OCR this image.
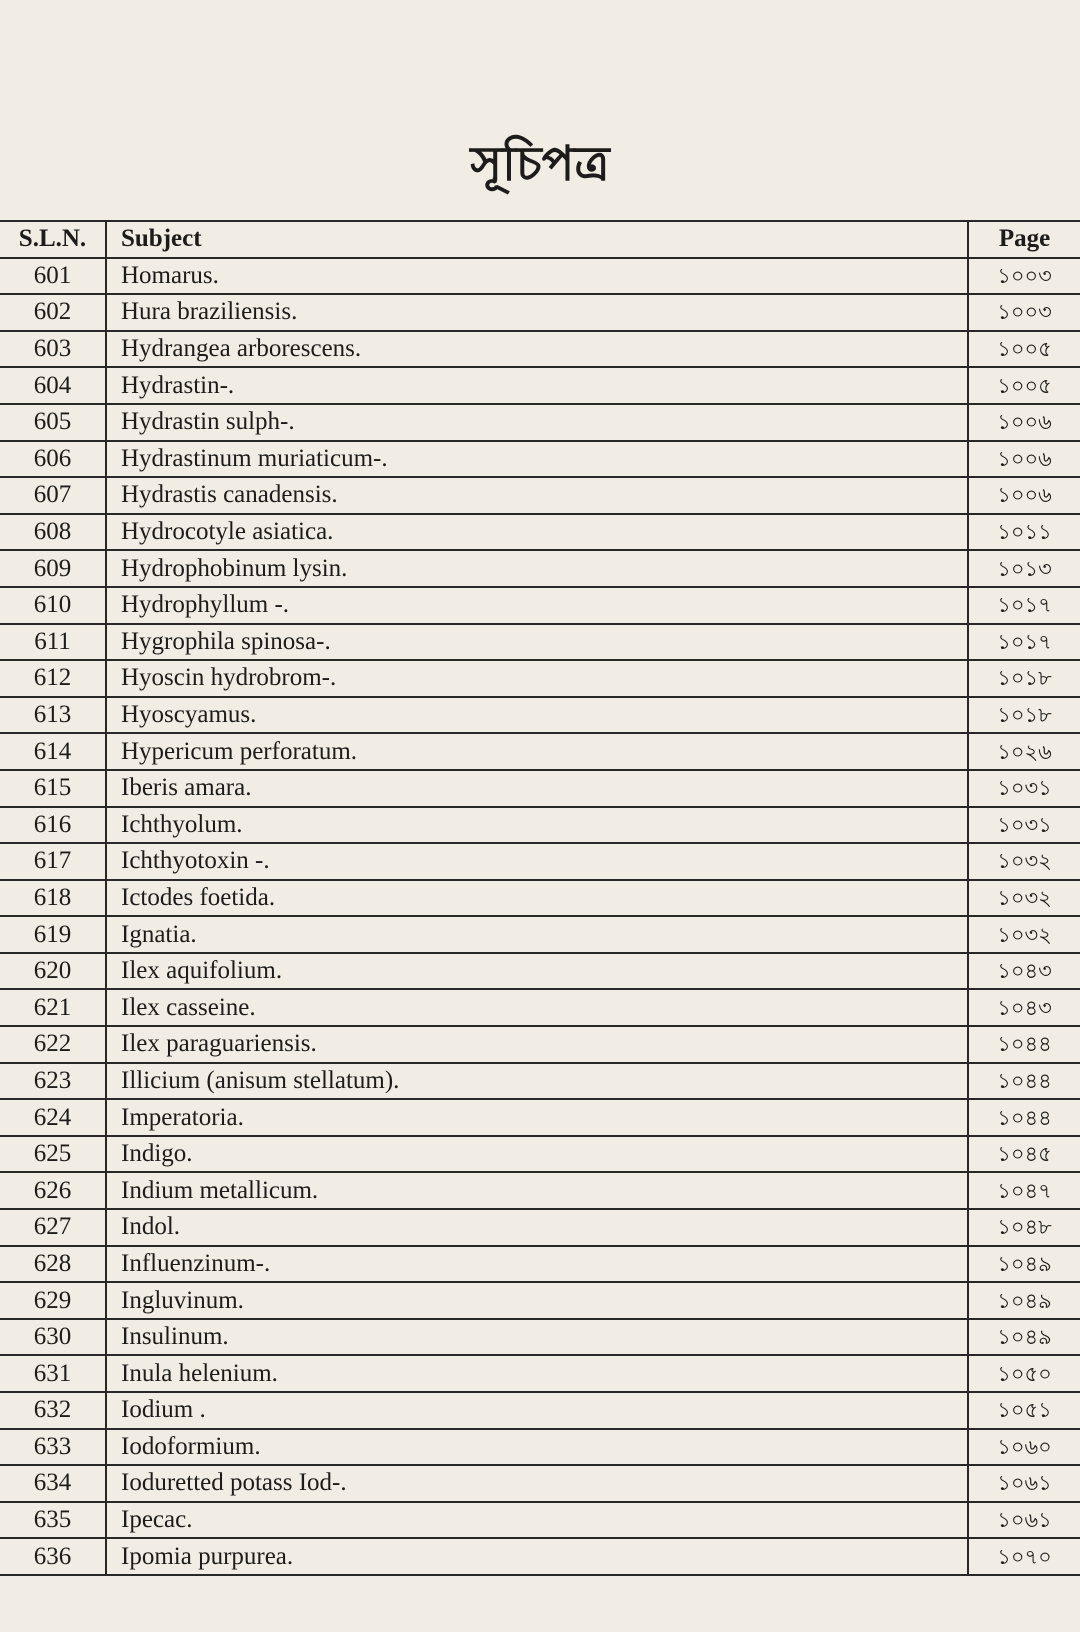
সূচিপত্র
S.L.N.	Subject	Page
601	Homarus.	১০০৩
602	Hura braziliensis.	১০০৩
603	Hydrangea arborescens.	১০০৫
604	Hydrastin-.	১০০৫
605	Hydrastin sulph-.	১০০৬
606	Hydrastinum muriaticum-.	১০০৬
607	Hydrastis canadensis.	১০০৬
608	Hydrocotyle asiatica.	১০১১
609	Hydrophobinum lysin.	১০১৩
610	Hydrophyllum -.	১০১৭
611	Hygrophila spinosa-.	১০১৭
612	Hyoscin hydrobrom-.	১০১৮
613	Hyoscyamus.	১০১৮
614	Hypericum perforatum.	১০২৬
615	Iberis amara.	১০৩১
616	Ichthyolum.	১০৩১
617	Ichthyotoxin -.	১০৩২
618	Ictodes foetida.	১০৩২
619	Ignatia.	১০৩২
620	Ilex aquifolium.	১০৪৩
621	Ilex casseine.	১০৪৩
622	Ilex paraguariensis.	১০৪৪
623	Illicium (anisum stellatum).	১০৪৪
624	Imperatoria.	১০৪৪
625	Indigo.	১০৪৫
626	Indium metallicum.	১০৪৭
627	Indol.	১০৪৮
628	Influenzinum-.	১০৪৯
629	Ingluvinum.	১০৪৯
630	Insulinum.	১০৪৯
631	Inula helenium.	১০৫০
632	Iodium .	১০৫১
633	Iodoformium.	১০৬০
634	Ioduretted potass Iod-.	১০৬১
635	Ipecac.	১০৬১
636	Ipomia purpurea.	১০৭০
